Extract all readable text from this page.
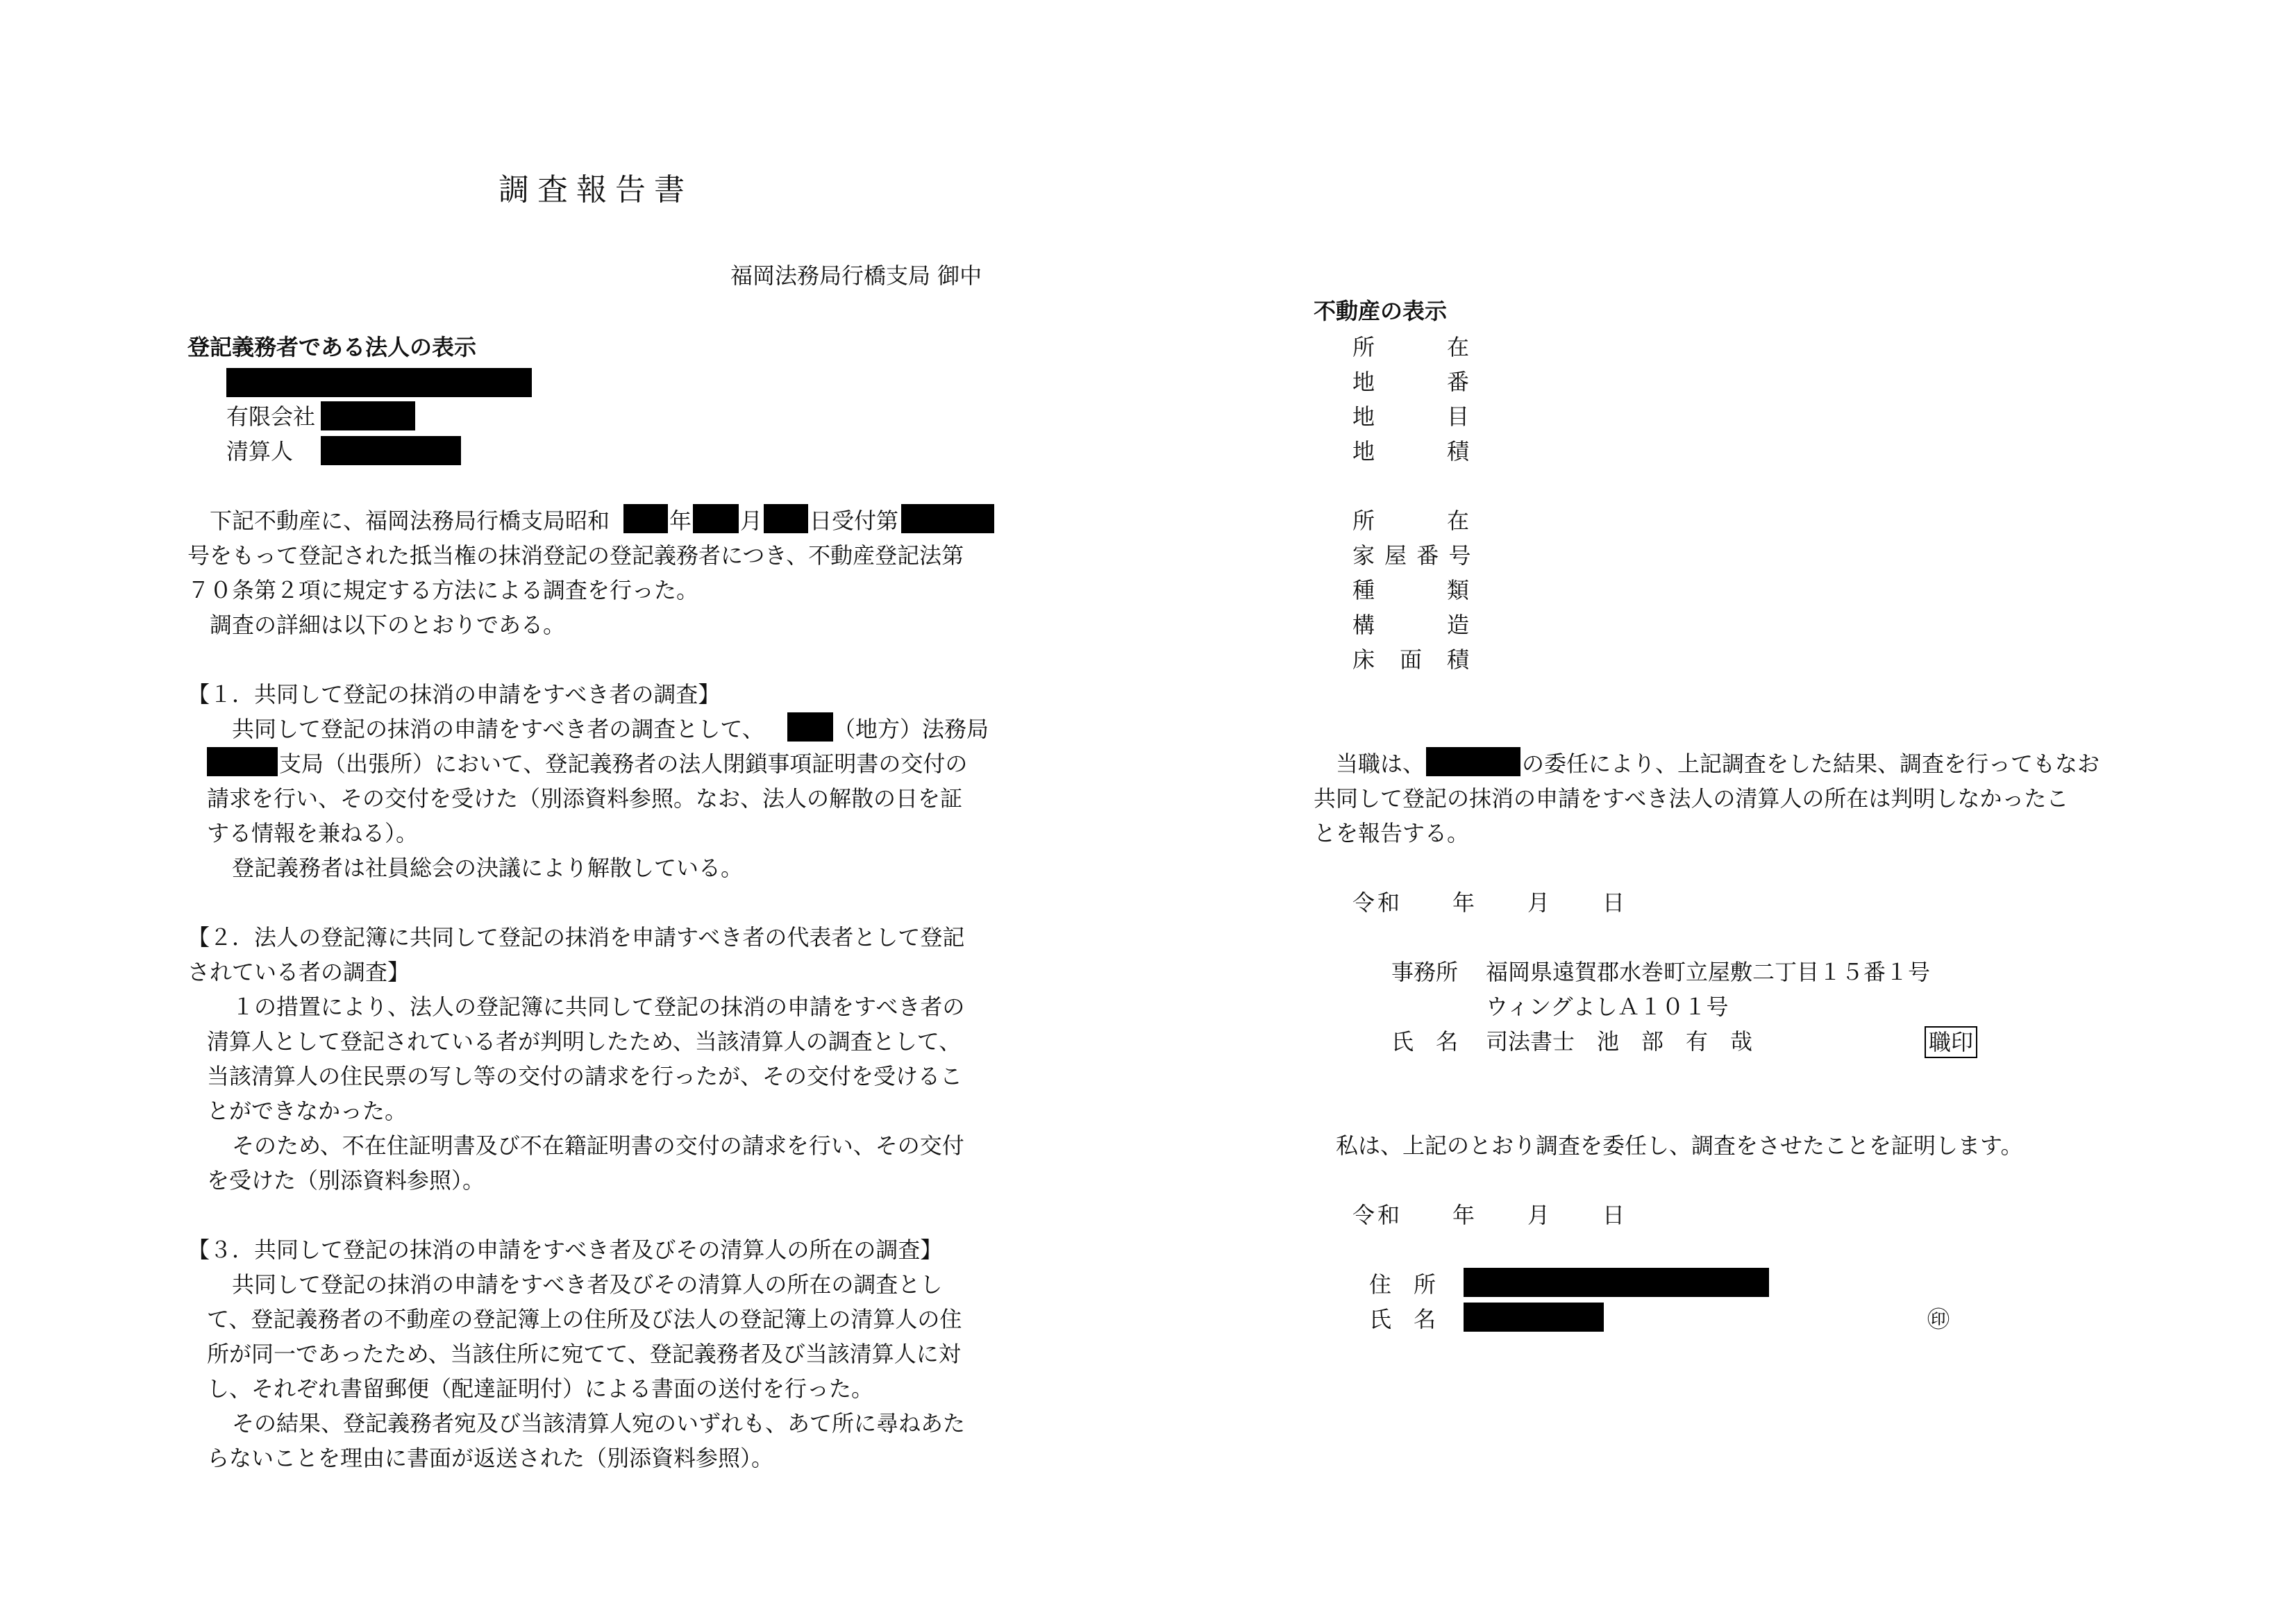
調査報告書
福岡法務局行橋支局 御中
登記義務者である法人の表示
有限会社
清算人
下記不動産に、福岡法務局行橋支局昭和	年 月 日受付第
号をもって登記された抵当権の抹消登記の登記義務者につき、不動産登記法第
７０条第２項に規定する方法による調査を行った。
調査の詳細は以下のとおりである。
【１．共同して登記の抹消の申請をすべき者の調査】
共同して登記の抹消の申請をすべき者の調査として、	（地方）法務局
支局（出張所）において、登記義務者の法人閉鎖事項証明書の交付の
請求を行い、その交付を受けた（別添資料参照。なお、法人の解散の日を証
する情報を兼ねる）。
登記義務者は社員総会の決議により解散している。
【２．法人の登記簿に共同して登記の抹消を申請すべき者の代表者として登記
されている者の調査】
１の措置により、法人の登記簿に共同して登記の抹消の申請をすべき者の
清算人として登記されている者が判明したため、当該清算人の調査として、
当該清算人の住民票の写し等の交付の請求を行ったが、その交付を受けるこ
とができなかった。
そのため、不在住証明書及び不在籍証明書の交付の請求を行い、その交付
を受けた（別添資料参照）。
【３．共同して登記の抹消の申請をすべき者及びその清算人の所在の調査】
共同して登記の抹消の申請をすべき者及びその清算人の所在の調査とし
て、登記義務者の不動産の登記簿上の住所及び法人の登記簿上の清算人の住
所が同一であったため、当該住所に宛てて、登記義務者及び当該清算人に対
し、それぞれ書留郵便（配達証明付）による書面の送付を行った。
その結果、登記義務者宛及び当該清算人宛のいずれも、あて所に尋ねあた
らないことを理由に書面が返送された（別添資料参照）。
不動産の表示
所　　　在
地　　　番
地　　　目
地　　　積
所　　　在
家 屋 番 号
種　　　類
構　　　造
床　面　積
当職は、	の委任により、上記調査をした結果、調査を行ってもなお
共同して登記の抹消の申請をすべき法人の清算人の所在は判明しなかったこ
とを報告する。
令和　　年　　月　　日
事務所 福岡県遠賀郡水巻町立屋敷二丁目１５番１号
ウィングよしＡ１０１号
氏　名 司法書士　池　部　有　哉	職印
私は、上記のとおり調査を委任し、調査をさせたことを証明します。
令和　　年　　月　　日
住　所
氏　名	㊞
